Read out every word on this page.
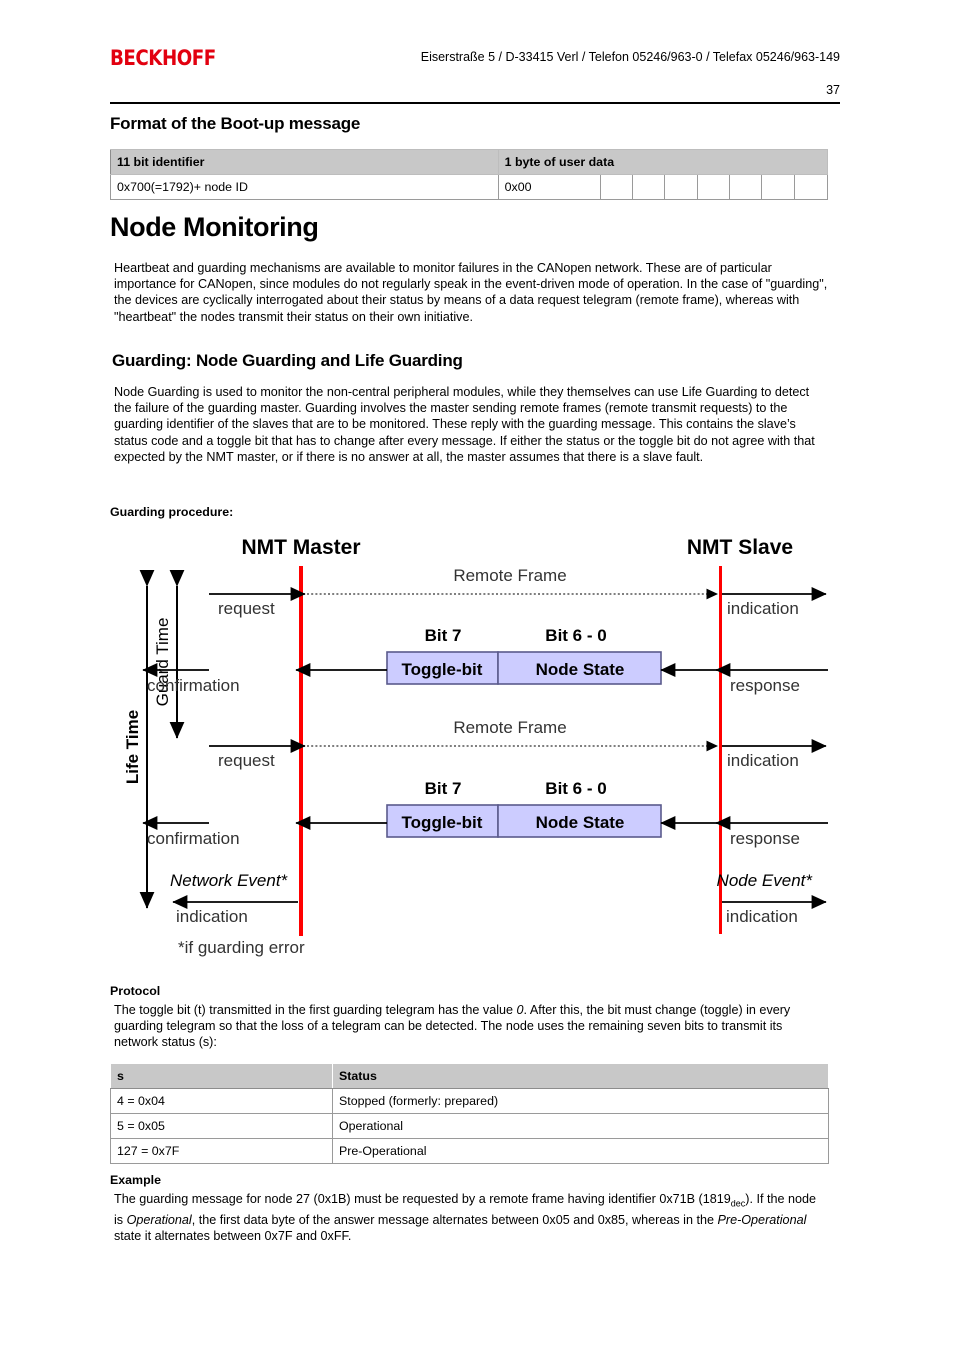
BECKHOFF	Eiserstraße 5 / D-33415 Verl / Telefon 05246/963-0 / Telefax 05246/963-149
37
Format of the Boot-up message
11 bit identifier	1 byte of user data							
0x700(=1792)+ node ID	0x00							
Node Monitoring
Heartbeat and guarding mechanisms are available to monitor failures in the CANopen network. These are of particular importance for CANopen, since modules do not regularly speak in the event-driven mode of operation. In the case of "guarding", the devices are cyclically interrogated about their status by means of a data request telegram (remote frame), whereas with "heartbeat" the nodes transmit their status on their own initiative.
Guarding: Node Guarding and Life Guarding
Node Guarding is used to monitor the non-central peripheral modules, while they themselves can use Life Guarding to detect the failure of the guarding master. Guarding involves the master sending remote frames (remote transmit requests) to the guarding identifier of the slaves that are to be monitored. These reply with the guarding message. This contains the slave’s status code and a toggle bit that has to change after every message. If either the status or the toggle bit do not agree with that expected by the NMT master, or if there is no answer at all, the master assumes that there is a slave fault.
Guarding procedure:
NMT Master	NMT Slave
Life Time
Guard Time
request
Remote Frame
indication
Bit 7	Bit 6 - 0
Toggle-bit	Node State
confirmation	response
request
Remote Frame
indication
Bit 7	Bit 6 - 0
Toggle-bit	Node State
confirmation	response
Network Event*
indication
Node Event*
indication
*if guarding error
Protocol
The toggle bit (t) transmitted in the first guarding telegram has the value 0. After this, the bit must change (toggle) in every guarding telegram so that the loss of a telegram can be detected. The node uses the remaining seven bits to transmit its network status (s):
s	Status
4 = 0x04	Stopped (formerly: prepared)
5 = 0x05	Operational
127 = 0x7F	Pre-Operational
Example
The guarding message for node 27 (0x1B) must be requested by a remote frame having identifier 0x71B $(1819_{dec})$. If the node is Operational, the first data byte of the answer message alternates between 0x05 and 0x85, whereas in the Pre-Operational state it alternates between 0x7F and 0xFF.
